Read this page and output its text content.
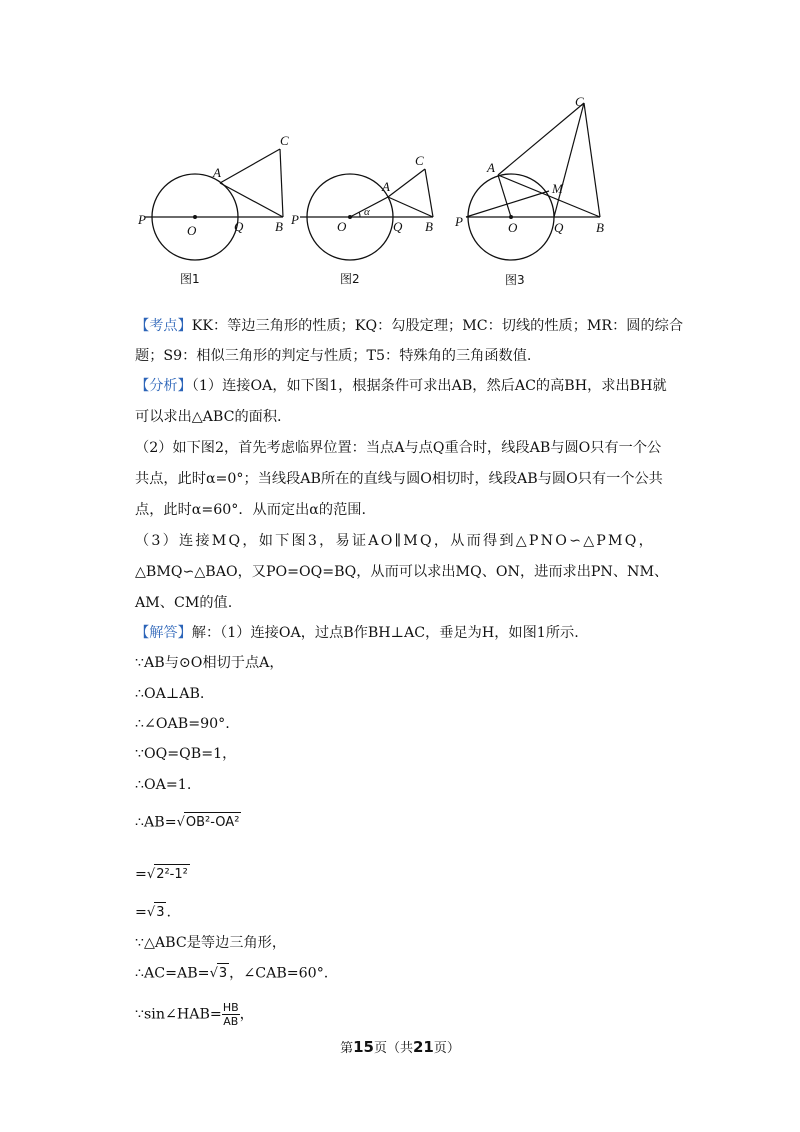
P
O	Q B
A
C
图1
P	O
α
Q B
A
C
图2
P	O	Q	B
A
M
C
图3
【考点】KK：等边三角形的性质；KQ：勾股定理；MC：切线的性质；MR：圆的综合
题；S9：相似三角形的判定与性质；T5：特殊角的三角函数值.
【分析】（1）连接OA，如下图1，根据条件可求出AB，然后AC的高BH，求出BH就
可以求出△ABC的面积.
（2）如下图2，首先考虑临界位置：当点A与点Q重合时，线段AB与圆O只有一个公
共点，此时α=0°；当线段AB所在的直线与圆O相切时，线段AB与圆O只有一个公共
点，此时α=60°．从而定出α的范围.
（3）连接MQ，如下图3，易证AO∥MQ，从而得到△PNO∽△PMQ，
△BMQ∽△BAO，又PO=OQ=BQ，从而可以求出MQ、ON，进而求出PN、NM、
AM、CM的值.
【解答】解：（1）连接OA，过点B作BH⊥AC，垂足为H，如图1所示.
∵AB与⊙O相切于点A，
∴OA⊥AB.
∴∠OAB=90°.
∵OQ=QB=1，
∴OA=1.
∴AB=√OB²-OA²
=√2²-1²
=√3 .
∵△ABC是等边三角形，
∴AC=AB=√3 ，∠CAB=60°.
∵sin∠HAB= $\frac{HB}{AB}$ ，
第15页（共21页）
